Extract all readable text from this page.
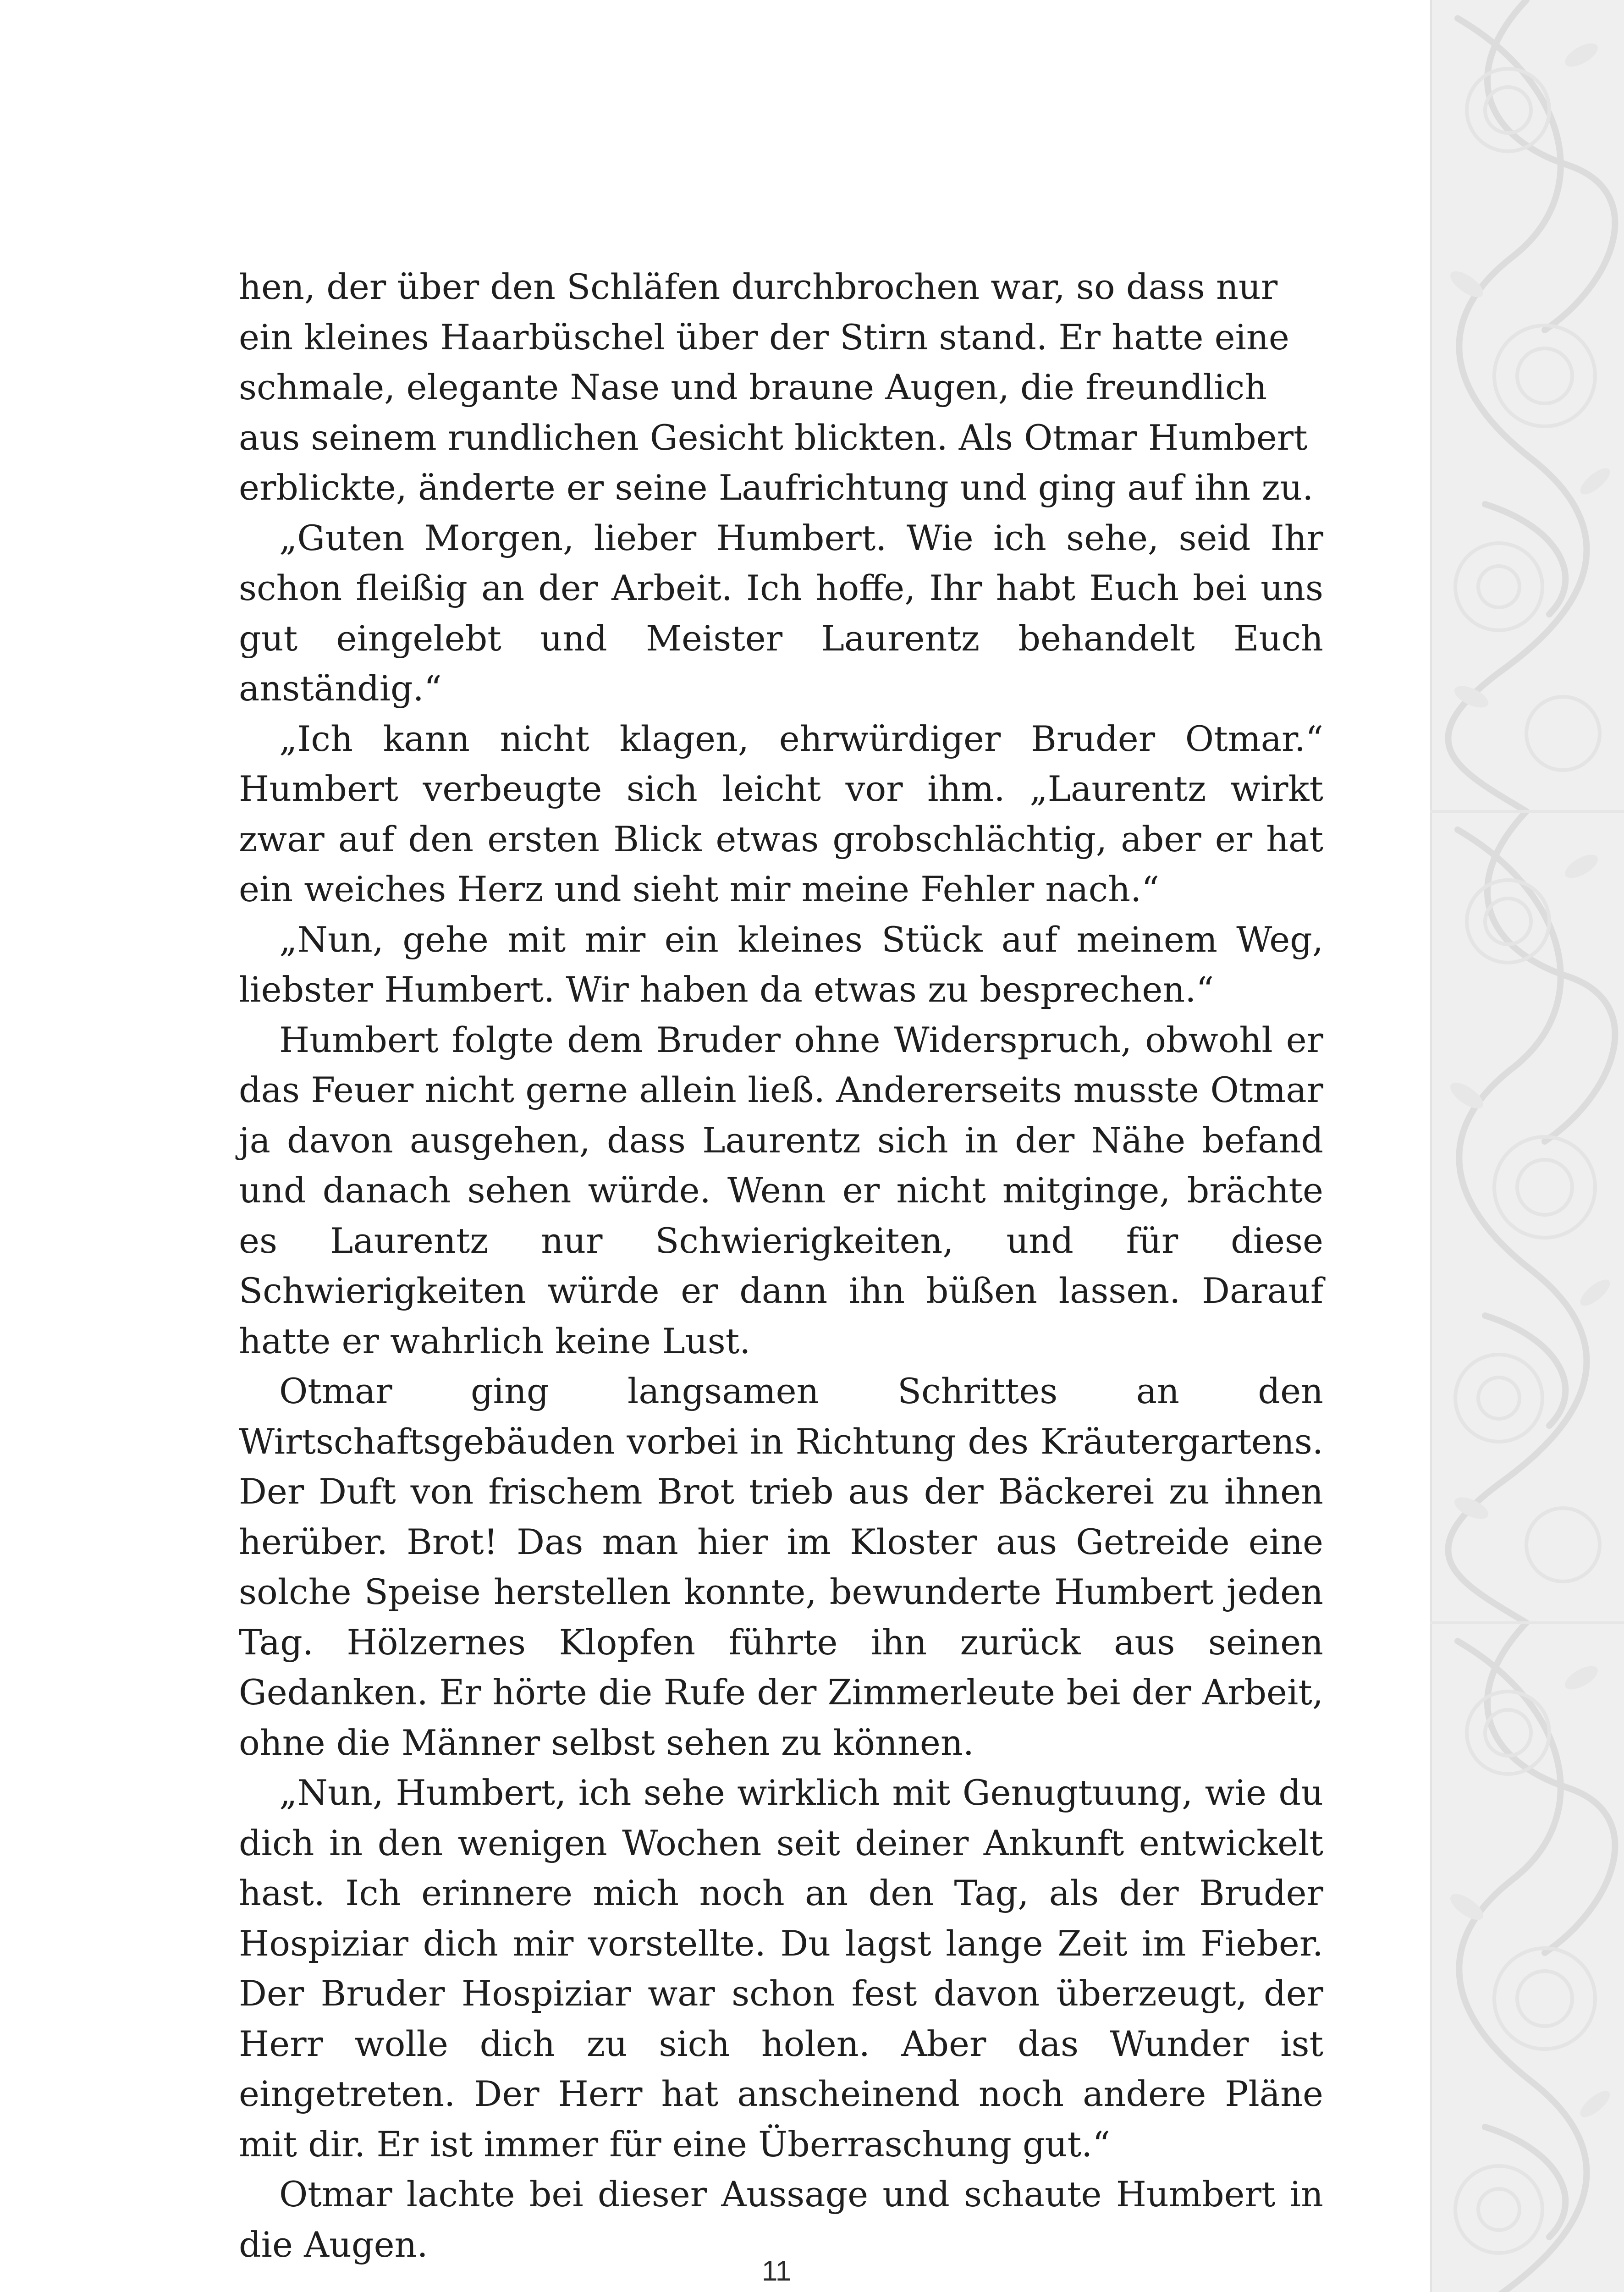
hen, der über den Schläfen durchbrochen war, so dass nur ein kleines Haarbüschel über der Stirn stand. Er hatte eine schmale, elegante Nase und braune Augen, die freundlich aus seinem rundlichen Gesicht blickten. Als Otmar Humbert erblickte, änderte er seine Laufrichtung und ging auf ihn zu.

„Guten Morgen, lieber Humbert. Wie ich sehe, seid Ihr schon fleißig an der Arbeit. Ich hoffe, Ihr habt Euch bei uns gut eingelebt und Meister Laurentz behandelt Euch anständig.“

„Ich kann nicht klagen, ehrwürdiger Bruder Otmar.“ Humbert verbeugte sich leicht vor ihm. „Laurentz wirkt zwar auf den ersten Blick etwas grobschlächtig, aber er hat ein weiches Herz und sieht mir meine Fehler nach.“

„Nun, gehe mit mir ein kleines Stück auf meinem Weg, liebster Humbert. Wir haben da etwas zu besprechen.“

Humbert folgte dem Bruder ohne Widerspruch, obwohl er das Feuer nicht gerne allein ließ. Andererseits musste Otmar ja davon ausgehen, dass Laurentz sich in der Nähe befand und danach sehen würde. Wenn er nicht mitginge, brächte es Laurentz nur Schwierigkeiten, und für diese Schwierigkeiten würde er dann ihn büßen lassen. Darauf hatte er wahrlich keine Lust.

Otmar ging langsamen Schrittes an den Wirtschaftsgebäuden vorbei in Richtung des Kräutergartens. Der Duft von frischem Brot trieb aus der Bäckerei zu ihnen herüber. Brot! Das man hier im Kloster aus Getreide eine solche Speise herstellen konnte, bewunderte Humbert jeden Tag. Hölzernes Klopfen führte ihn zurück aus seinen Gedanken. Er hörte die Rufe der Zimmerleute bei der Arbeit, ohne die Männer selbst sehen zu können.

„Nun, Humbert, ich sehe wirklich mit Genugtuung, wie du dich in den wenigen Wochen seit deiner Ankunft entwickelt hast. Ich erinnere mich noch an den Tag, als der Bruder Hospiziar dich mir vorstellte. Du lagst lange Zeit im Fieber. Der Bruder Hospiziar war schon fest davon überzeugt, der Herr wolle dich zu sich holen. Aber das Wunder ist eingetreten. Der Herr hat anscheinend noch andere Pläne mit dir. Er ist immer für eine Überraschung gut.“

Otmar lachte bei dieser Aussage und schaute Humbert in die Augen.

11
